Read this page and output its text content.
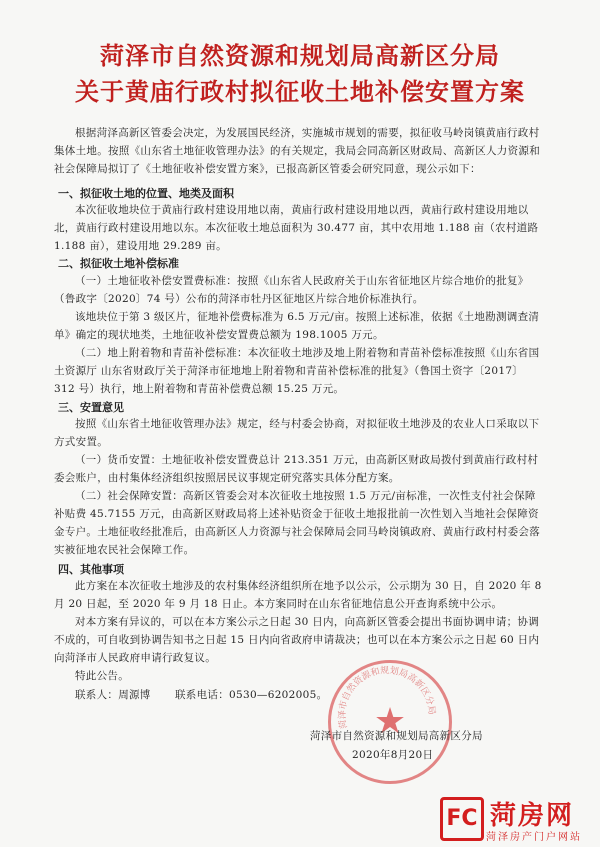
菏泽市自然资源和规划局高新区分局
关于黄庙行政村拟征收土地补偿安置方案
根据菏泽高新区管委会决定，为发展国民经济，实施城市规划的需要，拟征收马岭岗镇黄庙行政村集体土地。按照《山东省土地征收管理办法》的有关规定，我局会同高新区财政局、高新区人力资源和社会保障局拟订了《土地征收补偿安置方案》，已报高新区管委会研究同意，现公示如下：
一、拟征收土地的位置、地类及面积
本次征收地块位于黄庙行政村建设用地以南，黄庙行政村建设用地以西，黄庙行政村建设用地以北，黄庙行政村建设用地以东。本次征收土地总面积为 30.477 亩，其中农用地 1.188 亩（农村道路 1.188 亩），建设用地 29.289 亩。
二、拟征收土地补偿标准
（一）土地征收补偿安置费标准：按照《山东省人民政府关于山东省征地区片综合地价的批复》（鲁政字〔2020〕74 号）公布的菏泽市牡丹区征地区片综合地价标准执行。
该地块位于第 3 级区片，征地补偿费标准为 6.5 万元/亩。按照上述标准，依据《土地勘测调查清单》确定的现状地类，土地征收补偿安置费总额为 198.1005 万元。
（二）地上附着物和青苗补偿标准：本次征收土地涉及地上附着物和青苗补偿标准按照《山东省国土资源厅 山东省财政厅关于菏泽市征地地上附着物和青苗补偿标准的批复》（鲁国土资字〔2017〕312 号）执行，地上附着物和青苗补偿费总额 15.25 万元。
三、安置意见
按照《山东省土地征收管理办法》规定，经与村委会协商，对拟征收土地涉及的农业人口采取以下方式安置。
（一）货币安置：土地征收补偿安置费总计 213.351 万元，由高新区财政局拨付到黄庙行政村村委会账户，由村集体经济组织按照居民议事规定研究落实具体分配方案。
（二）社会保障安置：高新区管委会对本次征收土地按照 1.5 万元/亩标准，一次性支付社会保障补贴费 45.7155 万元，由高新区财政局将上述补贴资金于征收土地报批前一次性划入当地社会保障资金专户。土地征收经批准后，由高新区人力资源与社会保障局会同马岭岗镇政府、黄庙行政村村委会落实被征地农民社会保障工作。
四、其他事项
此方案在本次征收土地涉及的农村集体经济组织所在地予以公示，公示期为 30 日，自 2020 年 8 月 20 日起，至 2020 年 9 月 18 日止。本方案同时在山东省征地信息公开查询系统中公示。
对本方案有异议的，可以在本方案公示之日起 30 日内，向高新区管委会提出书面协调申请；协调不成的，可自收到协调告知书之日起 15 日内向省政府申请裁决；也可以在本方案公示之日起 60 日内向菏泽市人民政府申请行政复议。
特此公告。
联系人：周源博 联系电话：0530—6202005。
菏泽市自然资源和规划局高新区分局
★
菏泽市自然资源和规划局高新区分局
2020年8月20日
FC 菏房网
菏泽房产门户网站
